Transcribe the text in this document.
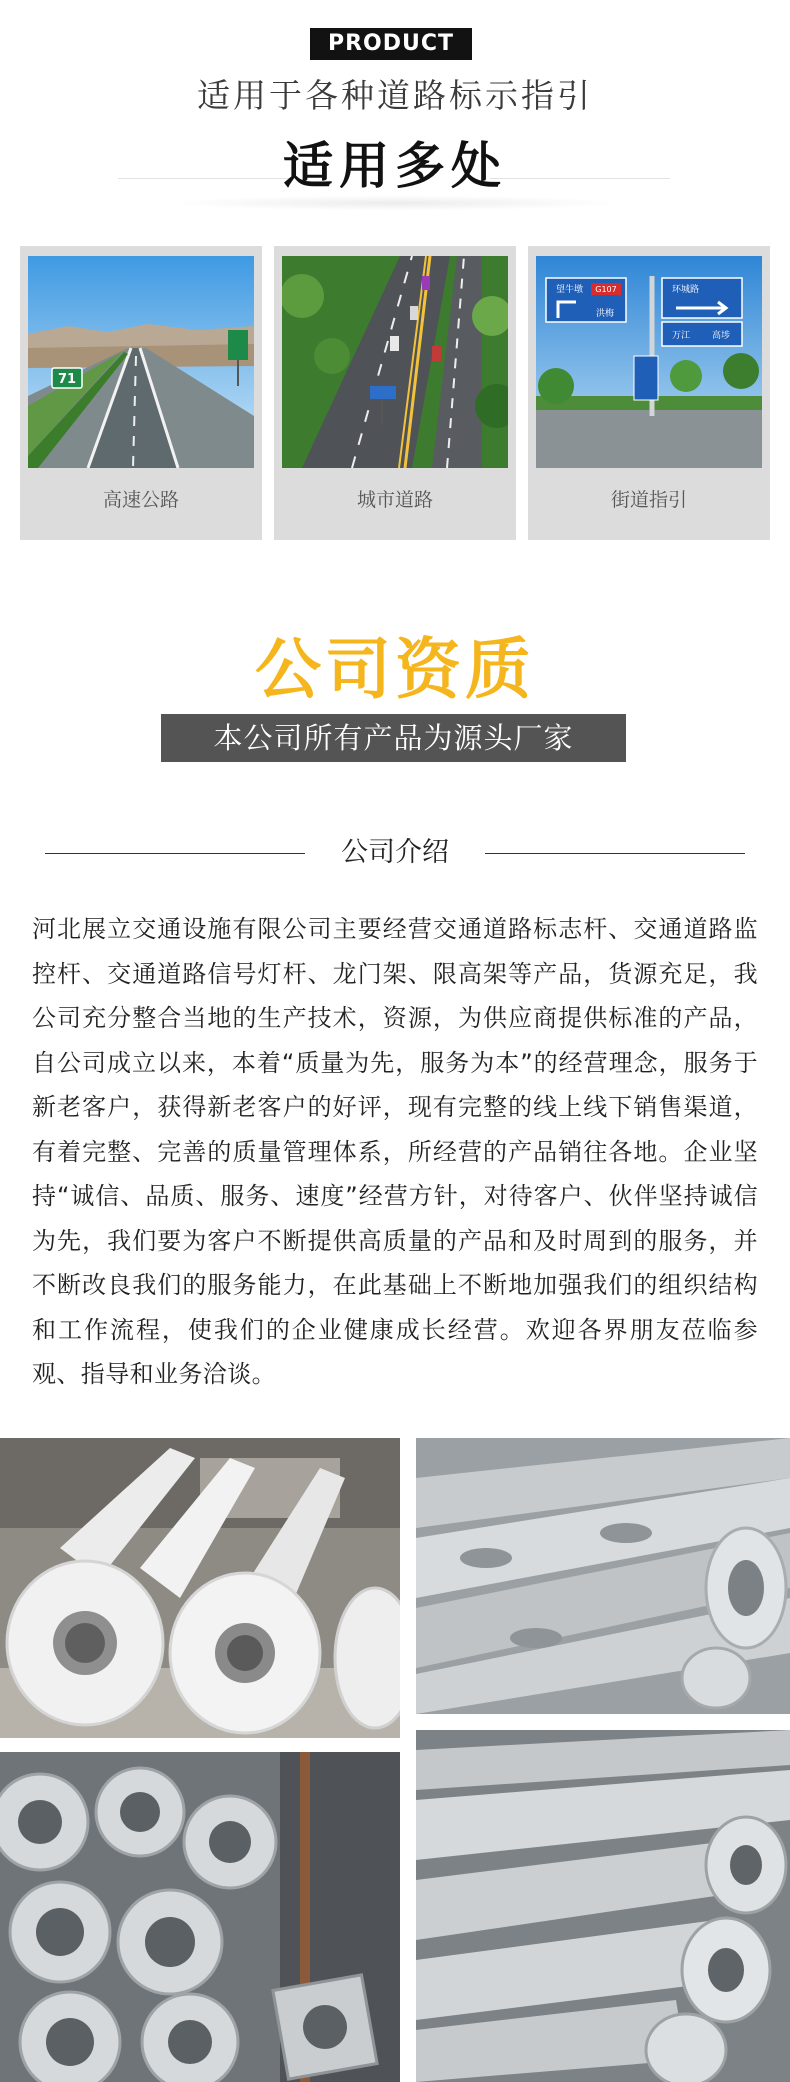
PRODUCT
适用于各种道路标示指引
适用多处
71
高速公路	城市道路
望牛墩 G107
洪梅
环城路
万江 高埗
街道指引
公司资质
本公司所有产品为源头厂家
公司介绍
河北展立交通设施有限公司主要经营交通道路标志杆、交通道路监控杆、交通道路信号灯杆、龙门架、限高架等产品，货源充足，我公司充分整合当地的生产技术，资源，为供应商提供标准的产品，自公司成立以来，本着“质量为先，服务为本”的经营理念，服务于新老客户，获得新老客户的好评，现有完整的线上线下销售渠道，有着完整、完善的质量管理体系，所经营的产品销往各地。企业坚持“诚信、品质、服务、速度”经营方针，对待客户、伙伴坚持诚信为先，我们要为客户不断提供高质量的产品和及时周到的服务，并不断改良我们的服务能力，在此基础上不断地加强我们的组织结构和工作流程，使我们的企业健康成长经营。欢迎各界朋友莅临参观、指导和业务洽谈。
